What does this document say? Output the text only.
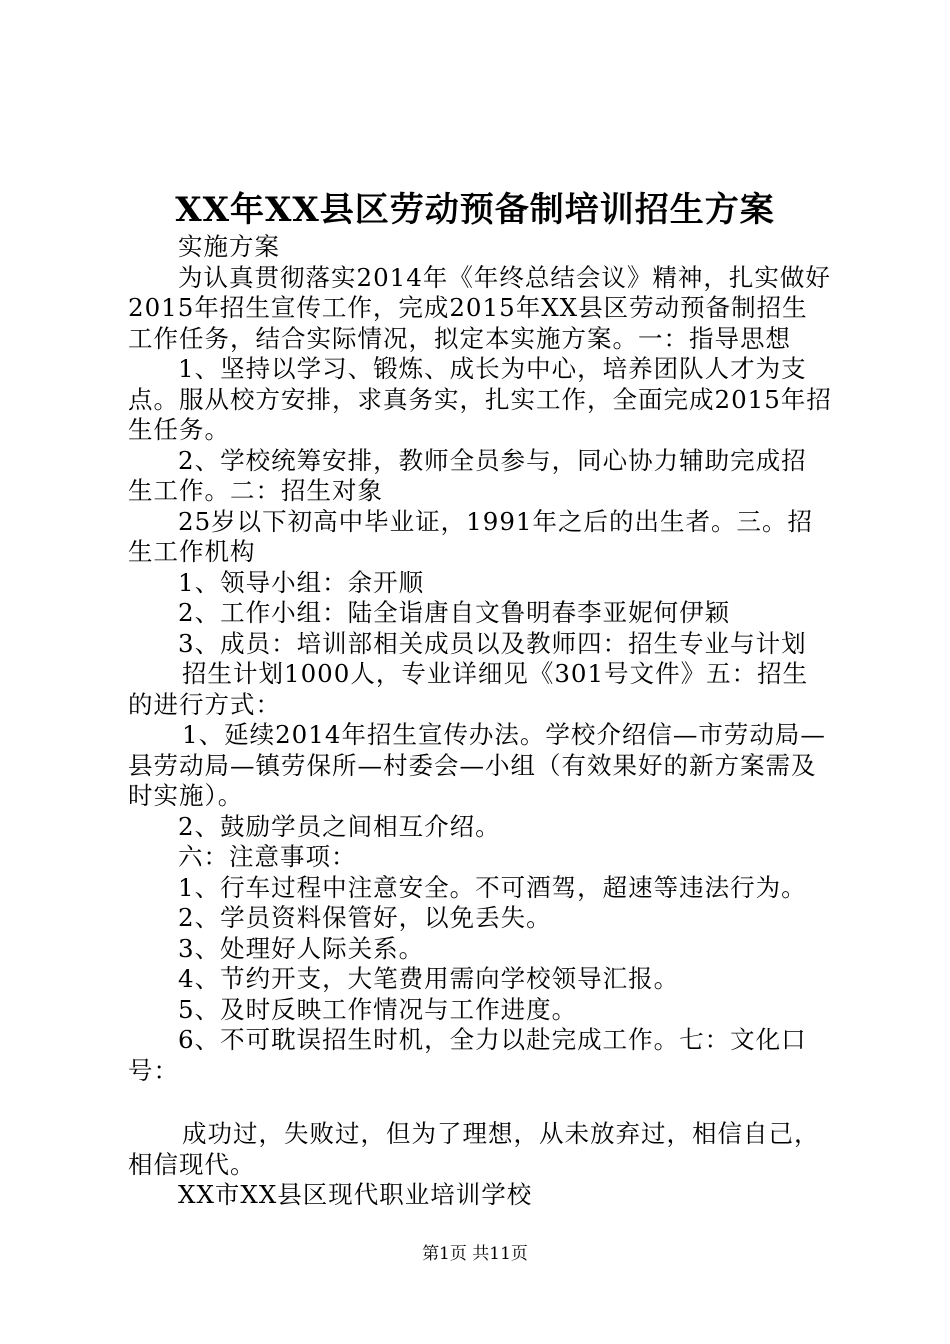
XX年XX县区劳动预备制培训招生方案

实施方案

为认真贯彻落实2014年《年终总结会议》精神，扎实做好2015年招生宣传工作，完成2015年XX县区劳动预备制招生工作任务，结合实际情况，拟定本实施方案。一：指导思想

1、坚持以学习、锻炼、成长为中心，培养团队人才为支点。服从校方安排，求真务实，扎实工作，全面完成2015年招生任务。

2、学校统筹安排，教师全员参与，同心协力辅助完成招生工作。二：招生对象

25岁以下初高中毕业证，1991年之后的出生者。三。招生工作机构

1、领导小组：余开顺

2、工作小组：陆全诣唐自文鲁明春李亚妮何伊颖

3、成员：培训部相关成员以及教师四：招生专业与计划

招生计划1000人，专业详细见《301号文件》五：招生的进行方式：

1、延续2014年招生宣传办法。学校介绍信—市劳动局—县劳动局—镇劳保所—村委会—小组（有效果好的新方案需及时实施）。

2、鼓励学员之间相互介绍。

六：注意事项：

1、行车过程中注意安全。不可酒驾，超速等违法行为。

2、学员资料保管好，以免丢失。

3、处理好人际关系。

4、节约开支，大笔费用需向学校领导汇报。

5、及时反映工作情况与工作进度。

6、不可耽误招生时机，全力以赴完成工作。七：文化口号：

成功过，失败过，但为了理想，从未放弃过，相信自己，相信现代。

XX市XX县区现代职业培训学校

第1页 共11页
